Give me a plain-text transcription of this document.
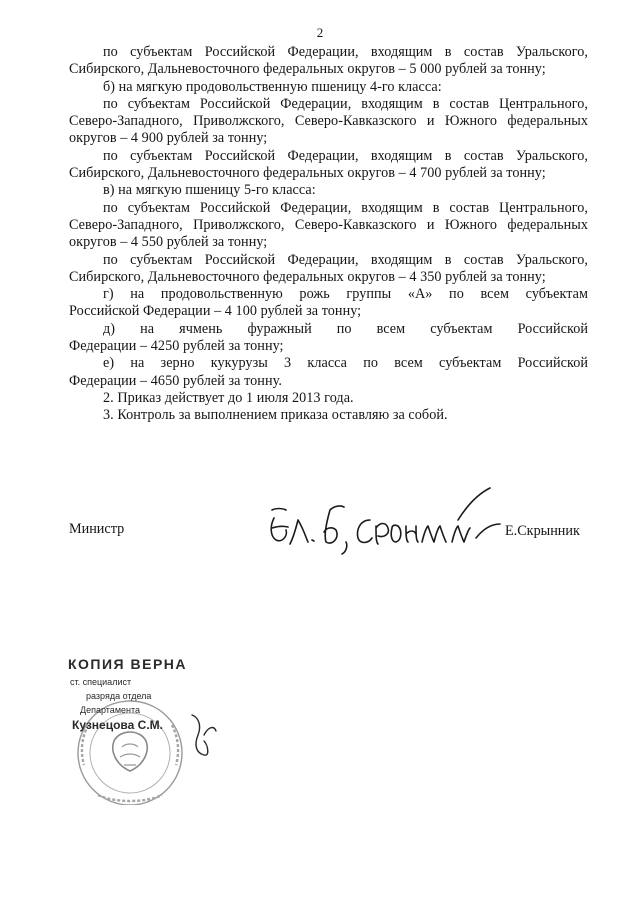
2

по субъектам Российской Федерации, входящим в состав Уральского,
Сибирского, Дальневосточного федеральных округов – 5 000 рублей за тонну;

б) на мягкую продовольственную пшеницу 4-го класса:

по субъектам Российской Федерации, входящим в состав Центрального,
Северо-Западного, Приволжского, Северо-Кавказского и Южного федеральных округов – 4 900 рублей за тонну;

по субъектам Российской Федерации, входящим в состав Уральского,
Сибирского, Дальневосточного федеральных округов – 4 700 рублей за тонну;

в) на мягкую пшеницу 5-го класса:

по субъектам Российской Федерации, входящим в состав Центрального,
Северо-Западного, Приволжского, Северо-Кавказского и Южного федеральных округов – 4 550 рублей за тонну;

по субъектам Российской Федерации, входящим в состав Уральского,
Сибирского, Дальневосточного федеральных округов – 4 350 рублей за тонну;

г) на продовольственную рожь группы «А» по всем субъектам
Российской Федерации – 4 100 рублей за тонну;

д) на ячмень фуражный по всем субъектам Российской
Федерации – 4250 рублей за тонну;

е) на зерно кукурузы 3 класса по всем субъектам Российской
Федерации – 4650 рублей за тонну.

2. Приказ действует до 1 июля 2013 года.

3. Контроль за выполнением приказа оставляю за собой.

Министр	Е.Скрынник
КОПИЯ ВЕРНА
ст. специалист
разряда отдела
Департамента
Кузнецова С.М.
